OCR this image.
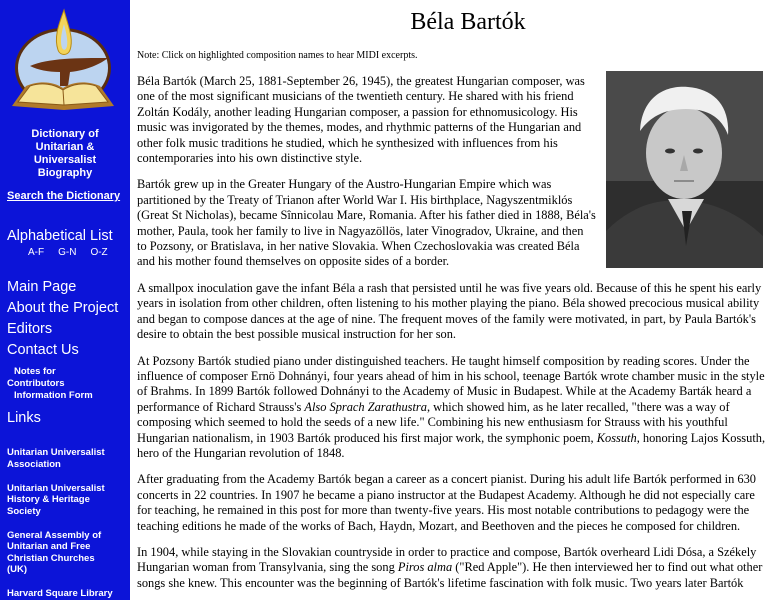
Dictionary of
Unitarian &
Universalist
Biography
Search the Dictionary
Alphabetical List
A-F G-N O-Z
Main Page
About the Project
Editors
Contact Us
Notes for
Contributors
Information Form
Links
Unitarian Universalist
Association
Unitarian Universalist
History & Heritage
Society
General Assembly of
Unitarian and Free
Christian Churches
(UK)
Harvard Square Library
Béla Bartók
Note: Click on highlighted composition names to hear MIDI excerpts.

Béla Bartók (March 25, 1881-September 26, 1945), the greatest Hungarian composer, was one of the most significant musicians of the twentieth century. He shared with his friend Zoltán Kodály, another leading Hungarian composer, a passion for ethnomusicology. His music was invigorated by the themes, modes, and rhythmic patterns of the Hungarian and other folk music traditions he studied, which he synthesized with influences from his contemporaries into his own distinctive style.

Bartók grew up in the Greater Hungary of the Austro-Hungarian Empire which was partitioned by the Treaty of Trianon after World War I. His birthplace, Nagyszentmiklós (Great St Nicholas), became Sînnicolau Mare, Romania. After his father died in 1888, Béla's mother, Paula, took her family to live in Nagyazöllös, later Vinogradov, Ukraine, and then to Pozsony, or Bratislava, in her native Slovakia. When Czechoslovakia was created Béla and his mother found themselves on opposite sides of a border.

A smallpox inoculation gave the infant Béla a rash that persisted until he was five years old. Because of this he spent his early years in isolation from other children, often listening to his mother playing the piano. Béla showed precocious musical ability and began to compose dances at the age of nine. The frequent moves of the family were motivated, in part, by Paula Bartók's desire to obtain the best possible musical instruction for her son.

At Pozsony Bartók studied piano under distinguished teachers. He taught himself composition by reading scores. Under the influence of composer Ernö Dohnányi, four years ahead of him in his school, teenage Bartók wrote chamber music in the style of Brahms. In 1899 Bartók followed Dohnányi to the Academy of Music in Budapest. While at the Academy Barták heard a performance of Richard Strauss's Also Sprach Zarathustra, which showed him, as he later recalled, "there was a way of composing which seemed to hold the seeds of a new life." Combining his new enthusiasm for Strauss with his youthful Hungarian nationalism, in 1903 Bartók produced his first major work, the symphonic poem, Kossuth, honoring Lajos Kossuth, hero of the Hungarian revolution of 1848.

After graduating from the Academy Bartók began a career as a concert pianist. During his adult life Bartók performed in 630 concerts in 22 countries. In 1907 he became a piano instructor at the Budapest Academy. Although he did not especially care for teaching, he remained in this post for more than twenty-five years. His most notable contributions to pedagogy were the teaching editions he made of the works of Bach, Haydn, Mozart, and Beethoven and the pieces he composed for children.

In 1904, while staying in the Slovakian countryside in order to practice and compose, Bartók overheard Lidi Dósa, a Székely Hungarian woman from Transylvania, sing the song Piros alma ("Red Apple"). He then interviewed her to find out what other songs she knew. This encounter was the beginning of Bartók's lifetime fascination with folk music. Two years later Bartók
